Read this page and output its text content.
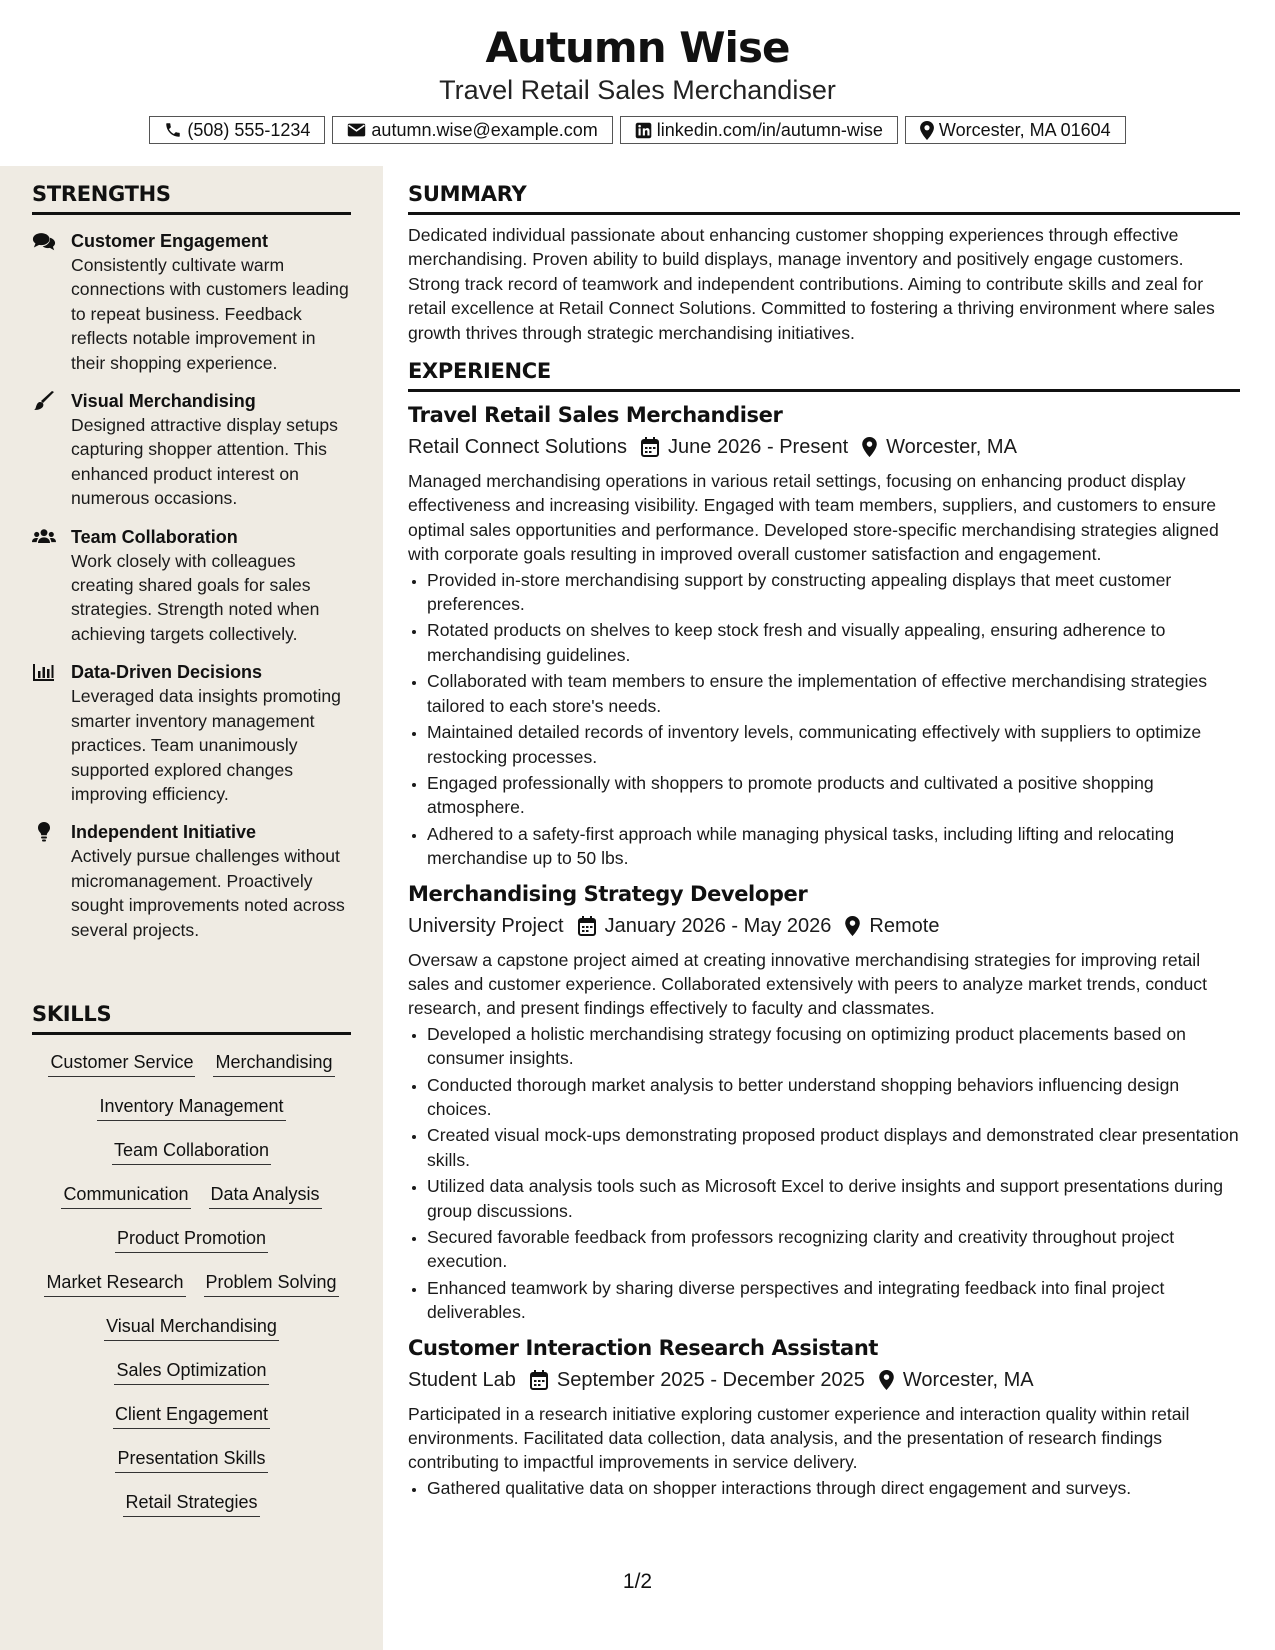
Autumn Wise
Travel Retail Sales Merchandiser
(508) 555-1234	autumn.wise@example.com	linkedin.com/in/autumn-wise	Worcester, MA 01604
STRENGTHS
Customer Engagement
Consistently cultivate warm connections with customers leading to repeat business. Feedback reflects notable improvement in their shopping experience.
Visual Merchandising
Designed attractive display setups capturing shopper attention. This enhanced product interest on numerous occasions.
Team Collaboration
Work closely with colleagues creating shared goals for sales strategies. Strength noted when achieving targets collectively.
Data-Driven Decisions
Leveraged data insights promoting smarter inventory management practices. Team unanimously supported explored changes improving efficiency.
Independent Initiative
Actively pursue challenges without micromanagement. Proactively sought improvements noted across several projects.
SKILLS
Customer Service Merchandising
Inventory Management
Team Collaboration
Communication Data Analysis
Product Promotion
Market Research Problem Solving
Visual Merchandising
Sales Optimization
Client Engagement
Presentation Skills
Retail Strategies
SUMMARY
Dedicated individual passionate about enhancing customer shopping experiences through effective merchandising. Proven ability to build displays, manage inventory and positively engage customers. Strong track record of teamwork and independent contributions. Aiming to contribute skills and zeal for retail excellence at Retail Connect Solutions. Committed to fostering a thriving environment where sales growth thrives through strategic merchandising initiatives.
EXPERIENCE
Travel Retail Sales Merchandiser
Retail Connect Solutions June 2026 - Present Worcester, MA
Managed merchandising operations in various retail settings, focusing on enhancing product display effectiveness and increasing visibility. Engaged with team members, suppliers, and customers to ensure optimal sales opportunities and performance. Developed store-specific merchandising strategies aligned with corporate goals resulting in improved overall customer satisfaction and engagement.
• Provided in-store merchandising support by constructing appealing displays that meet customer preferences.
• Rotated products on shelves to keep stock fresh and visually appealing, ensuring adherence to merchandising guidelines.
• Collaborated with team members to ensure the implementation of effective merchandising strategies tailored to each store's needs.
• Maintained detailed records of inventory levels, communicating effectively with suppliers to optimize restocking processes.
• Engaged professionally with shoppers to promote products and cultivated a positive shopping atmosphere.
• Adhered to a safety-first approach while managing physical tasks, including lifting and relocating merchandise up to 50 lbs.
Merchandising Strategy Developer
University Project January 2026 - May 2026 Remote
Oversaw a capstone project aimed at creating innovative merchandising strategies for improving retail sales and customer experience. Collaborated extensively with peers to analyze market trends, conduct research, and present findings effectively to faculty and classmates.
• Developed a holistic merchandising strategy focusing on optimizing product placements based on consumer insights.
• Conducted thorough market analysis to better understand shopping behaviors influencing design choices.
• Created visual mock-ups demonstrating proposed product displays and demonstrated clear presentation skills.
• Utilized data analysis tools such as Microsoft Excel to derive insights and support presentations during group discussions.
• Secured favorable feedback from professors recognizing clarity and creativity throughout project execution.
• Enhanced teamwork by sharing diverse perspectives and integrating feedback into final project deliverables.
Customer Interaction Research Assistant
Student Lab September 2025 - December 2025 Worcester, MA
Participated in a research initiative exploring customer experience and interaction quality within retail environments. Facilitated data collection, data analysis, and the presentation of research findings contributing to impactful improvements in service delivery.
• Gathered qualitative data on shopper interactions through direct engagement and surveys.
1/2
